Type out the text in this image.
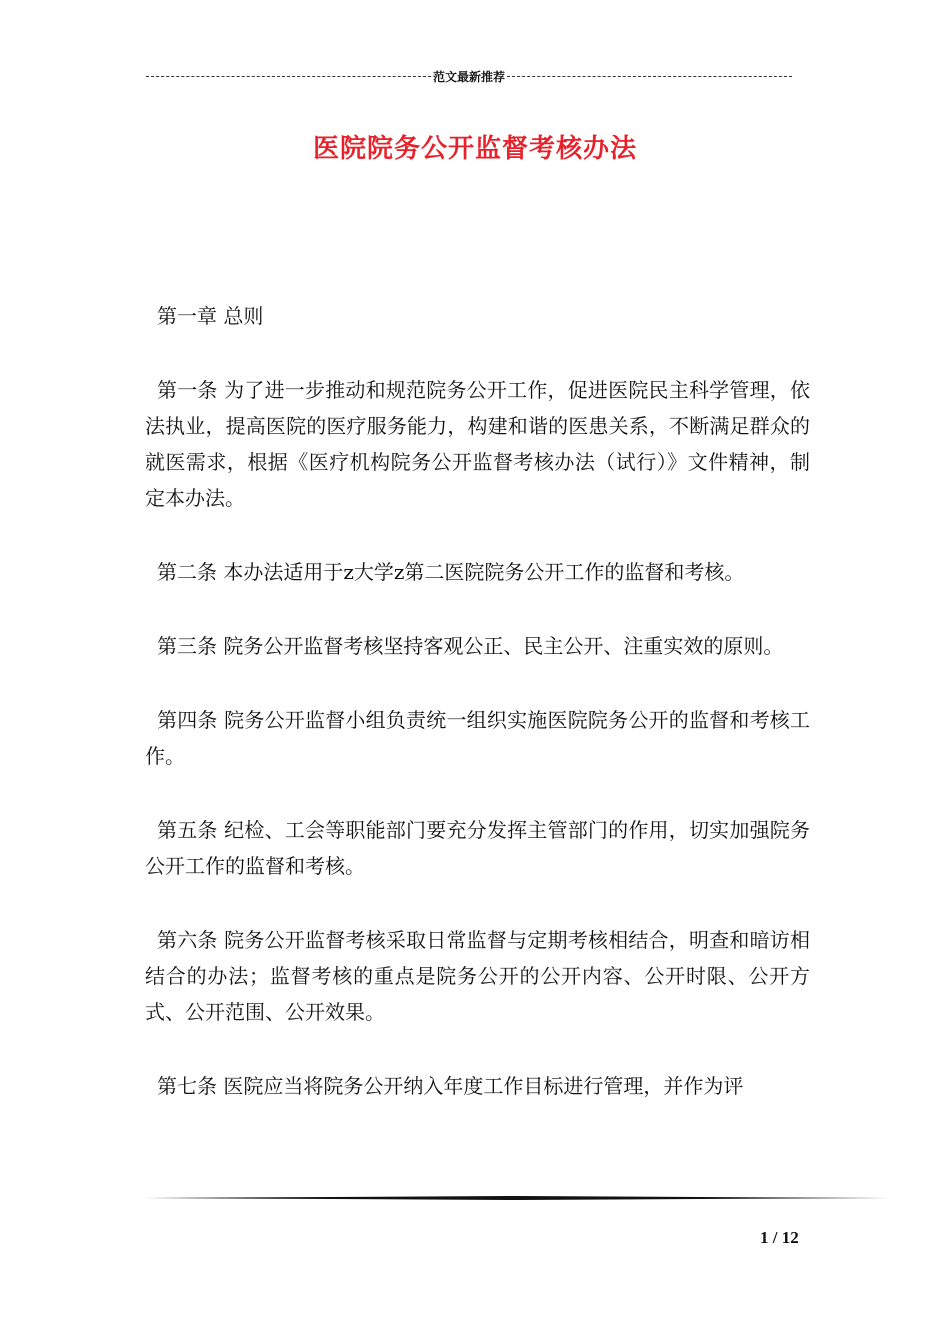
范文最新推荐
医院院务公开监督考核办法

第一章 总则

第一条 为了进一步推动和规范院务公开工作，促进医院民主科学管理，依法执业，提高医院的医疗服务能力，构建和谐的医患关系，不断满足群众的就医需求，根据《医疗机构院务公开监督考核办法（试行）》文件精神，制定本办法。

第二条 本办法适用于z大学z第二医院院务公开工作的监督和考核。

第三条 院务公开监督考核坚持客观公正、民主公开、注重实效的原则。

第四条 院务公开监督小组负责统一组织实施医院院务公开的监督和考核工作。

第五条 纪检、工会等职能部门要充分发挥主管部门的作用，切实加强院务公开工作的监督和考核。

第六条 院务公开监督考核采取日常监督与定期考核相结合，明查和暗访相结合的办法；监督考核的重点是院务公开的公开内容、公开时限、公开方式、公开范围、公开效果。

第七条 医院应当将院务公开纳入年度工作目标进行管理，并作为评

1 / 12
